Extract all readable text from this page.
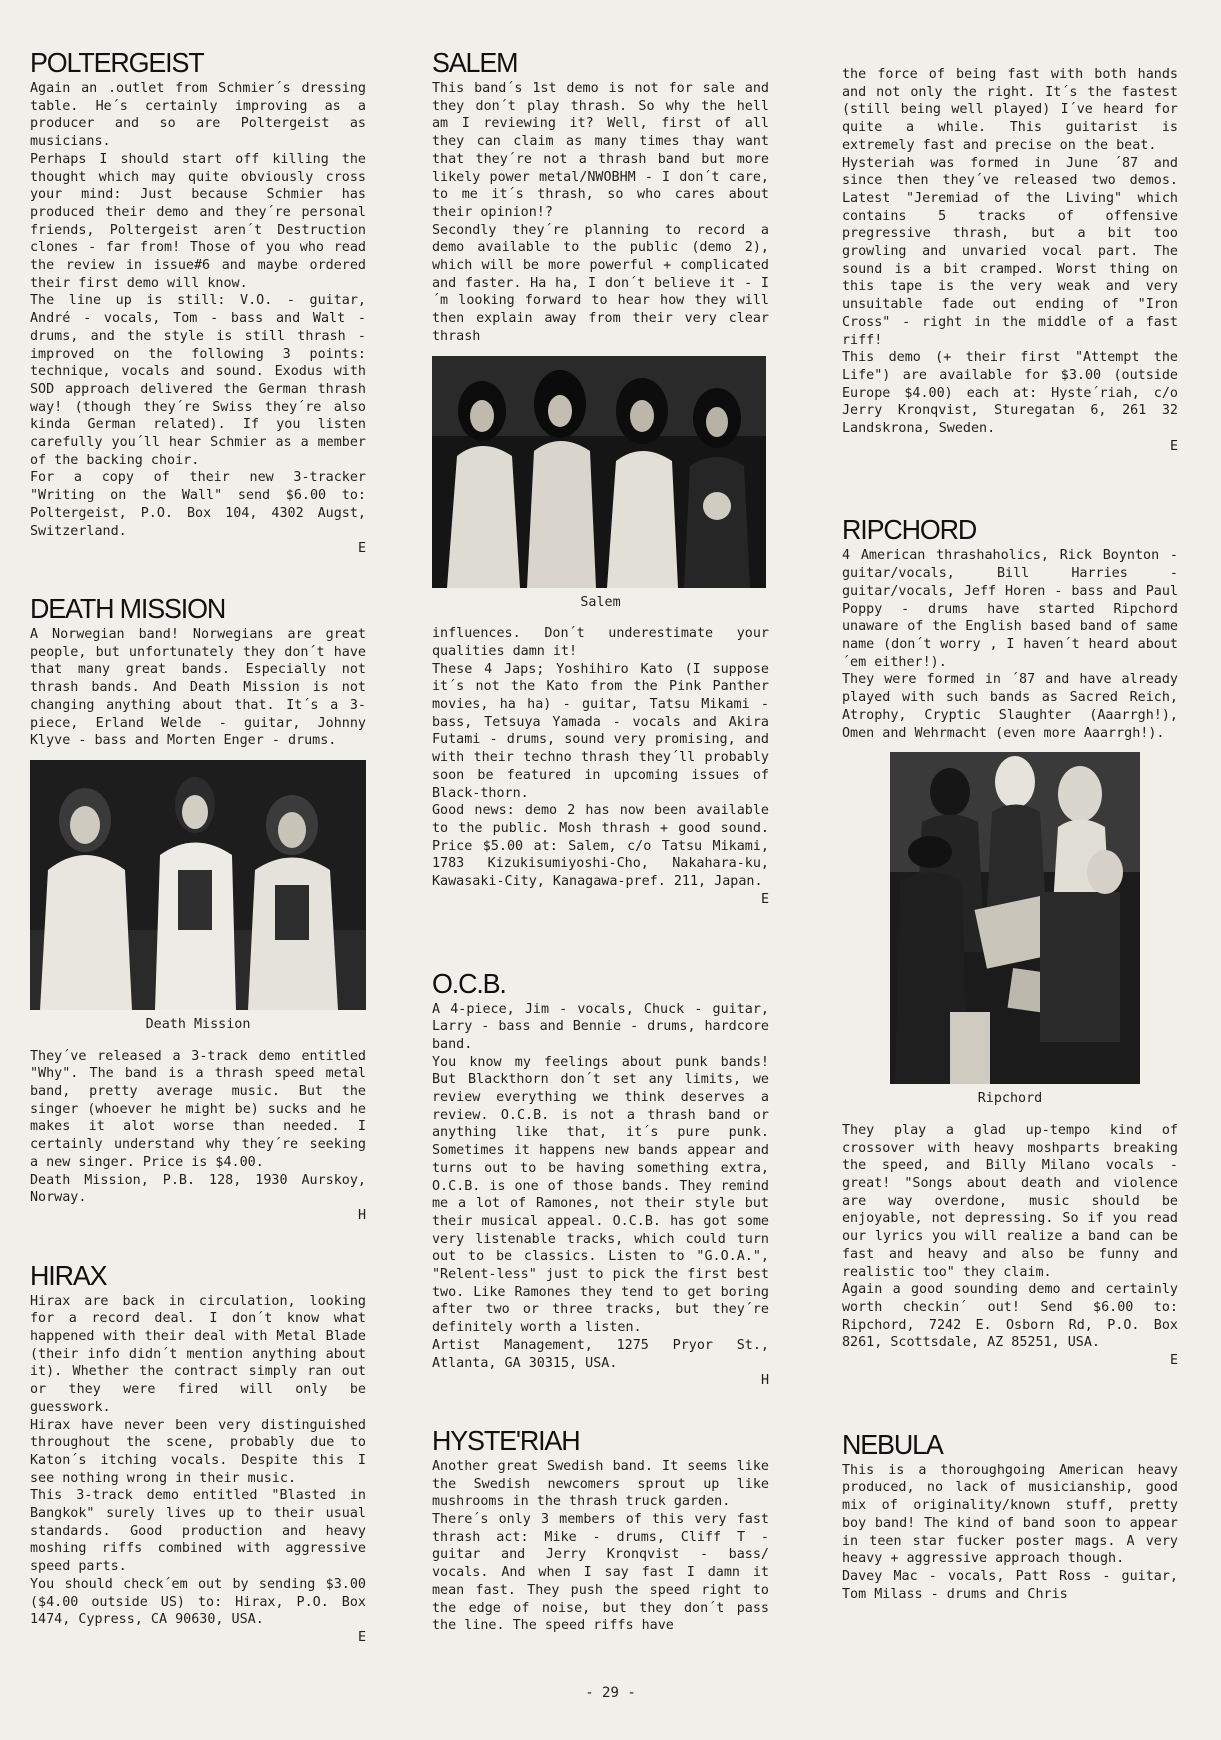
POLTERGEIST

Again an .outlet from Schmier´s dressing table. He´s certainly improving as a producer and so are Poltergeist as musicians.

Perhaps I should start off killing the thought which may quite obviously cross your mind: Just because Schmier has produced their demo and they´re personal friends, Poltergeist aren´t Destruction clones - far from! Those of you who read the review in issue#6 and maybe ordered their first demo will know.

The line up is still: V.O. - guitar, André - vocals, Tom - bass and Walt - drums, and the style is still thrash - improved on the following 3 points: technique, vocals and sound. Exodus with SOD approach delivered the German thrash way! (though they´re Swiss they´re also kinda German related). If you listen carefully you´ll hear Schmier as a member of the backing choir.

For a copy of their new 3-tracker "Writing on the Wall" send $6.00 to: Poltergeist, P.O. Box 104, 4302 Augst, Switzerland.

E
DEATH MISSION

A Norwegian band! Norwegians are great people, but unfortunately they don´t have that many great bands. Especially not thrash bands. And Death Mission is not changing anything about that. It´s a 3-piece, Erland Welde - guitar, Johnny Klyve - bass and Morten Enger - drums.

Death Mission

They´ve released a 3-track demo entitled "Why". The band is a thrash speed metal band, pretty average music. But the singer (whoever he might be) sucks and he makes it alot worse than needed. I certainly understand why they´re seeking a new singer. Price is $4.00.

Death Mission, P.B. 128, 1930 Aurskoy, Norway.

H
HIRAX

Hirax are back in circulation, looking for a record deal. I don´t know what happened with their deal with Metal Blade (their info didn´t mention anything about it). Whether the contract simply ran out or they were fired will only be guesswork.

Hirax have never been very distinguished throughout the scene, probably due to Katon´s itching vocals. Despite this I see nothing wrong in their music.

This 3-track demo entitled "Blasted in Bangkok" surely lives up to their usual standards. Good production and heavy moshing riffs combined with aggressive speed parts.

You should check´em out by sending $3.00 ($4.00 outside US) to: Hirax, P.O. Box 1474, Cypress, CA 90630, USA.

E
SALEM

This band´s 1st demo is not for sale and they don´t play thrash. So why the hell am I reviewing it? Well, first of all they can claim as many times thay want that they´re not a thrash band but more likely power metal/NWOBHM - I don´t care, to me it´s thrash, so who cares about their opinion!?

Secondly they´re planning to record a demo available to the public (demo 2), which will be more powerful + complicated and faster. Ha ha, I don´t believe it - I´m looking forward to hear how they will then explain away from their very clear thrash

Salem

influences. Don´t underestimate your qualities damn it!

These 4 Japs; Yoshihiro Kato (I suppose it´s not the Kato from the Pink Panther movies, ha ha) - guitar, Tatsu Mikami - bass, Tetsuya Yamada - vocals and Akira Futami - drums, sound very promising, and with their techno thrash they´ll probably soon be featured in upcoming issues of Black-thorn.

Good news: demo 2 has now been available to the public. Mosh thrash + good sound. Price $5.00 at: Salem, c/o Tatsu Mikami, 1783 Kizukisumiyoshi-Cho, Nakahara-ku, Kawasaki-City, Kanagawa-pref. 211, Japan.

E
O.C.B.

A 4-piece, Jim - vocals, Chuck - guitar, Larry - bass and Bennie - drums, hardcore band.

You know my feelings about punk bands! But Blackthorn don´t set any limits, we review everything we think deserves a review. O.C.B. is not a thrash band or anything like that, it´s pure punk. Sometimes it happens new bands appear and turns out to be having something extra, O.C.B. is one of those bands. They remind me a lot of Ramones, not their style but their musical appeal. O.C.B. has got some very listenable tracks, which could turn out to be classics. Listen to "G.O.A.", "Relent-less" just to pick the first best two. Like Ramones they tend to get boring after two or three tracks, but they´re definitely worth a listen.

Artist Management, 1275 Pryor St., Atlanta, GA 30315, USA.

H
HYSTE'RIAH

Another great Swedish band. It seems like the Swedish newcomers sprout up like mushrooms in the thrash truck garden.

There´s only 3 members of this very fast thrash act: Mike - drums, Cliff T - guitar and Jerry Kronqvist - bass/ vocals. And when I say fast I damn it mean fast. They push the speed right to the edge of noise, but they don´t pass the line. The speed riffs have

the force of being fast with both hands and not only the right. It´s the fastest (still being well played) I´ve heard for quite a while. This guitarist is extremely fast and precise on the beat.

Hysteriah was formed in June ´87 and since then they´ve released two demos. Latest "Jeremiad of the Living" which contains 5 tracks of offensive pregressive thrash, but a bit too growling and unvaried vocal part. The sound is a bit cramped. Worst thing on this tape is the very weak and very unsuitable fade out ending of "Iron Cross" - right in the middle of a fast riff!

This demo (+ their first "Attempt the Life") are available for $3.00 (outside Europe $4.00) each at: Hyste´riah, c/o Jerry Kronqvist, Sturegatan 6, 261 32 Landskrona, Sweden.

E
RIPCHORD

4 American thrashaholics, Rick Boynton - guitar/vocals, Bill Harries - guitar/vocals, Jeff Horen - bass and Paul Poppy - drums have started Ripchord unaware of the English based band of same name (don´t worry , I haven´t heard about´em either!).

They were formed in ´87 and have already played with such bands as Sacred Reich, Atrophy, Cryptic Slaughter (Aaarrgh!), Omen and Wehrmacht (even more Aaarrgh!).

Ripchord

They play a glad up-tempo kind of crossover with heavy moshparts breaking the speed, and Billy Milano vocals - great! "Songs about death and violence are way overdone, music should be enjoyable, not depressing. So if you read our lyrics you will realize a band can be fast and heavy and also be funny and realistic too" they claim.

Again a good sounding demo and certainly worth checkin´ out! Send $6.00 to: Ripchord, 7242 E. Osborn Rd, P.O. Box 8261, Scottsdale, AZ 85251, USA.

E
NEBULA

This is a thoroughgoing American heavy produced, no lack of musicianship, good mix of originality/known stuff, pretty boy band! The kind of band soon to appear in teen star fucker poster mags. A very heavy + aggressive approach though.

Davey Mac - vocals, Patt Ross - guitar, Tom Milass - drums and Chris

- 29 -
